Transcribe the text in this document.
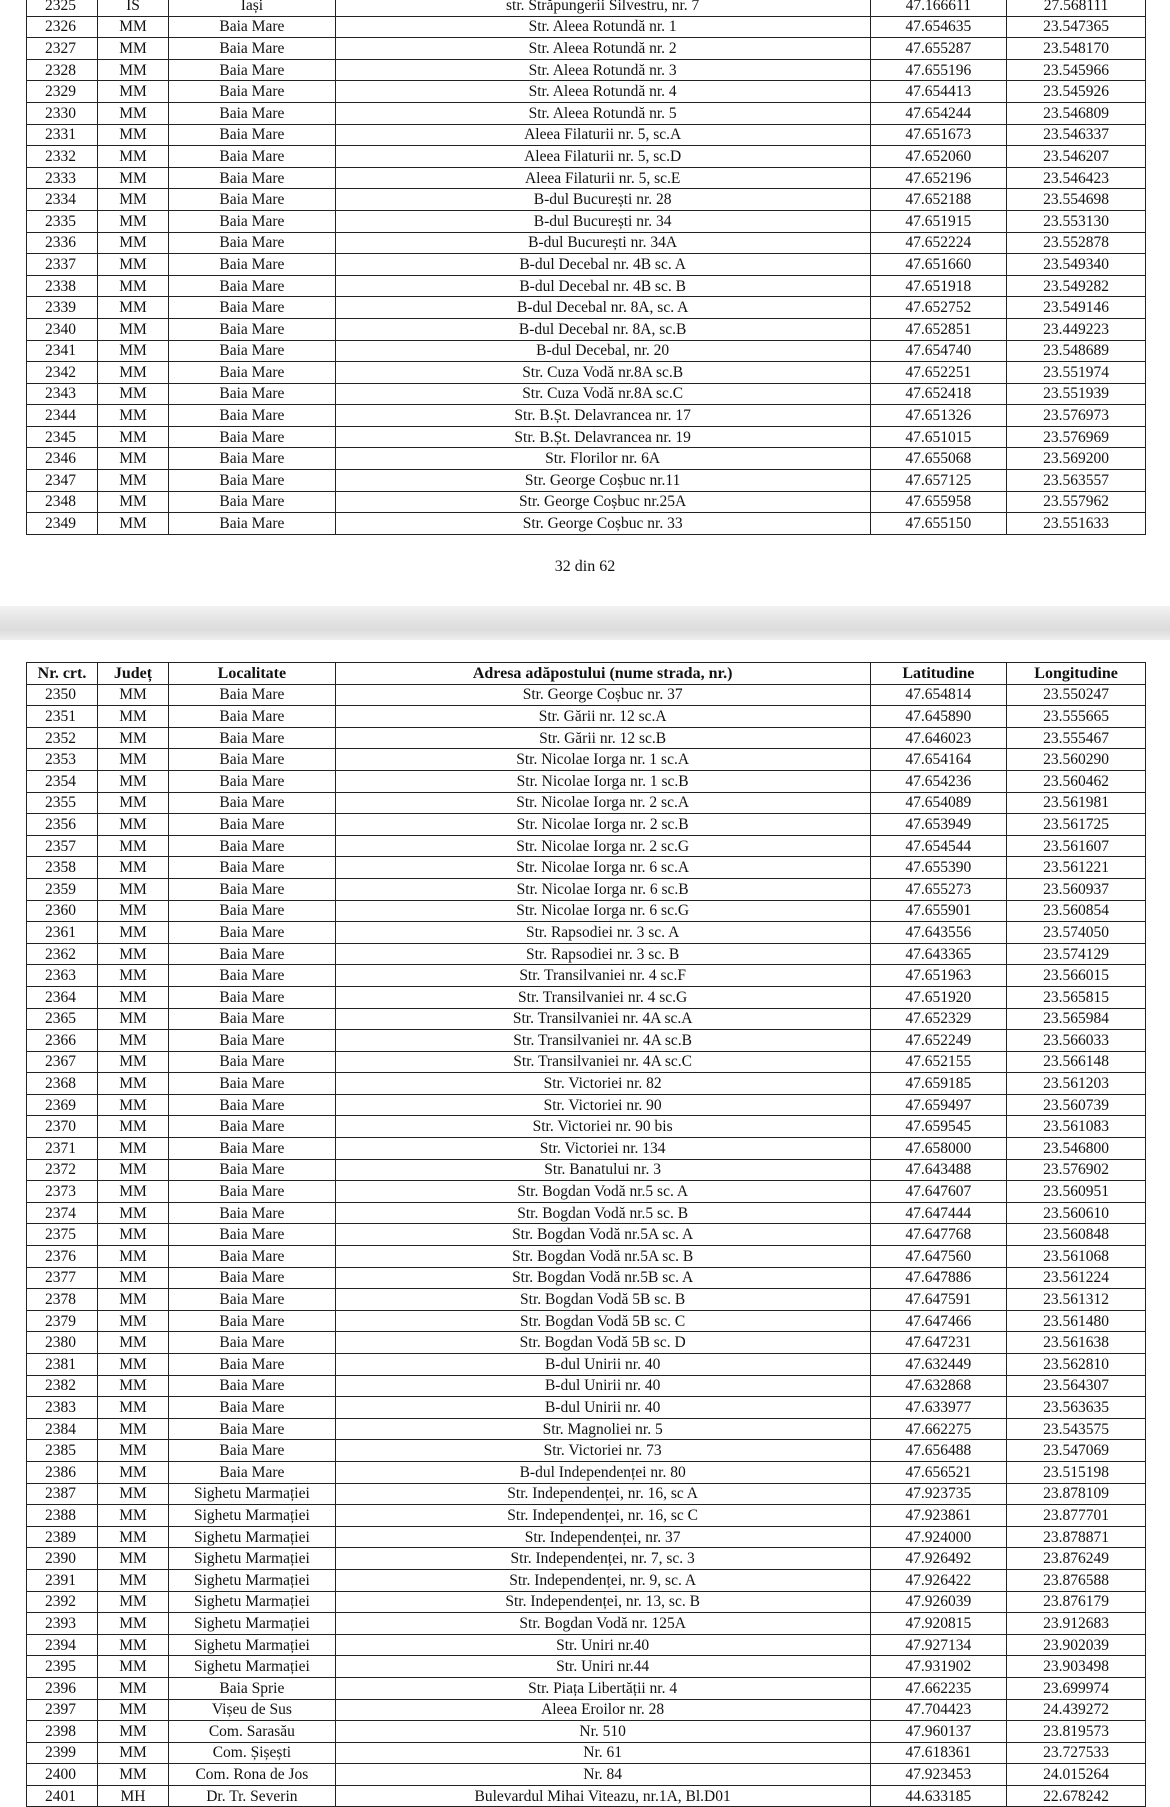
2325	IS	Iași	str. Străpungerii Silvestru, nr. 7	47.166611	27.568111
2326	MM	Baia Mare	Str. Aleea Rotundă nr. 1	47.654635	23.547365
2327	MM	Baia Mare	Str. Aleea Rotundă nr. 2	47.655287	23.548170
2328	MM	Baia Mare	Str. Aleea Rotundă nr. 3	47.655196	23.545966
2329	MM	Baia Mare	Str. Aleea Rotundă nr. 4	47.654413	23.545926
2330	MM	Baia Mare	Str. Aleea Rotundă nr. 5	47.654244	23.546809
2331	MM	Baia Mare	Aleea Filaturii nr. 5, sc.A	47.651673	23.546337
2332	MM	Baia Mare	Aleea Filaturii nr. 5, sc.D	47.652060	23.546207
2333	MM	Baia Mare	Aleea Filaturii nr. 5, sc.E	47.652196	23.546423
2334	MM	Baia Mare	B-dul București nr. 28	47.652188	23.554698
2335	MM	Baia Mare	B-dul București nr. 34	47.651915	23.553130
2336	MM	Baia Mare	B-dul București nr. 34A	47.652224	23.552878
2337	MM	Baia Mare	B-dul Decebal nr. 4B sc. A	47.651660	23.549340
2338	MM	Baia Mare	B-dul Decebal nr. 4B sc. B	47.651918	23.549282
2339	MM	Baia Mare	B-dul Decebal nr. 8A, sc. A	47.652752	23.549146
2340	MM	Baia Mare	B-dul Decebal nr. 8A, sc.B	47.652851	23.449223
2341	MM	Baia Mare	B-dul Decebal, nr. 20	47.654740	23.548689
2342	MM	Baia Mare	Str. Cuza Vodă nr.8A sc.B	47.652251	23.551974
2343	MM	Baia Mare	Str. Cuza Vodă nr.8A sc.C	47.652418	23.551939
2344	MM	Baia Mare	Str. B.Șt. Delavrancea nr. 17	47.651326	23.576973
2345	MM	Baia Mare	Str. B.Șt. Delavrancea nr. 19	47.651015	23.576969
2346	MM	Baia Mare	Str. Florilor nr. 6A	47.655068	23.569200
2347	MM	Baia Mare	Str. George Coșbuc nr.11	47.657125	23.563557
2348	MM	Baia Mare	Str. George Coșbuc nr.25A	47.655958	23.557962
2349	MM	Baia Mare	Str. George Coșbuc nr. 33	47.655150	23.551633
32 din 62
Nr. crt.	Județ	Localitate	Adresa adăpostului (nume strada, nr.)	Latitudine	Longitudine
2350	MM	Baia Mare	Str. George Coșbuc nr. 37	47.654814	23.550247
2351	MM	Baia Mare	Str. Gării nr. 12 sc.A	47.645890	23.555665
2352	MM	Baia Mare	Str. Gării nr. 12 sc.B	47.646023	23.555467
2353	MM	Baia Mare	Str. Nicolae Iorga nr. 1 sc.A	47.654164	23.560290
2354	MM	Baia Mare	Str. Nicolae Iorga nr. 1 sc.B	47.654236	23.560462
2355	MM	Baia Mare	Str. Nicolae Iorga nr. 2 sc.A	47.654089	23.561981
2356	MM	Baia Mare	Str. Nicolae Iorga nr. 2 sc.B	47.653949	23.561725
2357	MM	Baia Mare	Str. Nicolae Iorga nr. 2 sc.G	47.654544	23.561607
2358	MM	Baia Mare	Str. Nicolae Iorga nr. 6 sc.A	47.655390	23.561221
2359	MM	Baia Mare	Str. Nicolae Iorga nr. 6 sc.B	47.655273	23.560937
2360	MM	Baia Mare	Str. Nicolae Iorga nr. 6 sc.G	47.655901	23.560854
2361	MM	Baia Mare	Str. Rapsodiei nr. 3 sc. A	47.643556	23.574050
2362	MM	Baia Mare	Str. Rapsodiei nr. 3 sc. B	47.643365	23.574129
2363	MM	Baia Mare	Str. Transilvaniei nr. 4 sc.F	47.651963	23.566015
2364	MM	Baia Mare	Str. Transilvaniei nr. 4 sc.G	47.651920	23.565815
2365	MM	Baia Mare	Str. Transilvaniei nr. 4A sc.A	47.652329	23.565984
2366	MM	Baia Mare	Str. Transilvaniei nr. 4A sc.B	47.652249	23.566033
2367	MM	Baia Mare	Str. Transilvaniei nr. 4A sc.C	47.652155	23.566148
2368	MM	Baia Mare	Str. Victoriei nr. 82	47.659185	23.561203
2369	MM	Baia Mare	Str. Victoriei nr. 90	47.659497	23.560739
2370	MM	Baia Mare	Str. Victoriei nr. 90 bis	47.659545	23.561083
2371	MM	Baia Mare	Str. Victoriei nr. 134	47.658000	23.546800
2372	MM	Baia Mare	Str. Banatului nr. 3	47.643488	23.576902
2373	MM	Baia Mare	Str. Bogdan Vodă nr.5 sc. A	47.647607	23.560951
2374	MM	Baia Mare	Str. Bogdan Vodă nr.5 sc. B	47.647444	23.560610
2375	MM	Baia Mare	Str. Bogdan Vodă nr.5A sc. A	47.647768	23.560848
2376	MM	Baia Mare	Str. Bogdan Vodă nr.5A sc. B	47.647560	23.561068
2377	MM	Baia Mare	Str. Bogdan Vodă nr.5B sc. A	47.647886	23.561224
2378	MM	Baia Mare	Str. Bogdan Vodă 5B sc. B	47.647591	23.561312
2379	MM	Baia Mare	Str. Bogdan Vodă 5B sc. C	47.647466	23.561480
2380	MM	Baia Mare	Str. Bogdan Vodă 5B sc. D	47.647231	23.561638
2381	MM	Baia Mare	B-dul Unirii nr. 40	47.632449	23.562810
2382	MM	Baia Mare	B-dul Unirii nr. 40	47.632868	23.564307
2383	MM	Baia Mare	B-dul Unirii nr. 40	47.633977	23.563635
2384	MM	Baia Mare	Str. Magnoliei nr. 5	47.662275	23.543575
2385	MM	Baia Mare	Str. Victoriei nr. 73	47.656488	23.547069
2386	MM	Baia Mare	B-dul Independenței nr. 80	47.656521	23.515198
2387	MM	Sighetu Marmației	Str. Independenței, nr. 16, sc A	47.923735	23.878109
2388	MM	Sighetu Marmației	Str. Independenței, nr. 16, sc C	47.923861	23.877701
2389	MM	Sighetu Marmației	Str. Independenței, nr. 37	47.924000	23.878871
2390	MM	Sighetu Marmației	Str. Independenței, nr. 7, sc. 3	47.926492	23.876249
2391	MM	Sighetu Marmației	Str. Independenței, nr. 9, sc. A	47.926422	23.876588
2392	MM	Sighetu Marmației	Str. Independenței, nr. 13, sc. B	47.926039	23.876179
2393	MM	Sighetu Marmației	Str. Bogdan Vodă nr. 125A	47.920815	23.912683
2394	MM	Sighetu Marmației	Str. Uniri nr.40	47.927134	23.902039
2395	MM	Sighetu Marmației	Str. Uniri nr.44	47.931902	23.903498
2396	MM	Baia Sprie	Str. Piața Libertății nr. 4	47.662235	23.699974
2397	MM	Vișeu de Sus	Aleea Eroilor nr. 28	47.704423	24.439272
2398	MM	Com. Sarasău	Nr. 510	47.960137	23.819573
2399	MM	Com. Șișești	Nr. 61	47.618361	23.727533
2400	MM	Com. Rona de Jos	Nr. 84	47.923453	24.015264
2401	MH	Dr. Tr. Severin	Bulevardul Mihai Viteazu, nr.1A, Bl.D01	44.633185	22.678242
